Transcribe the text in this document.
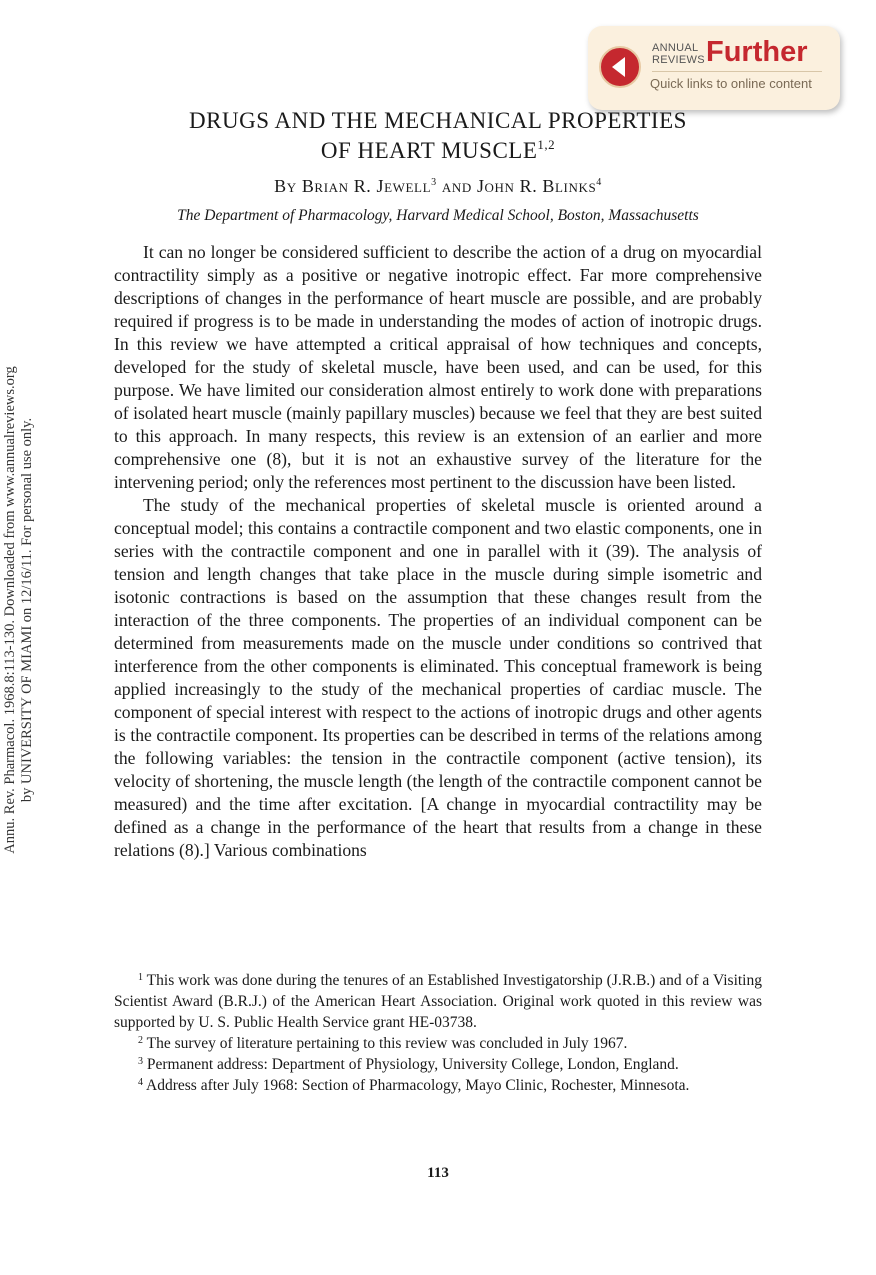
ANNUAL
REVIEWS Further
Quick links to online content
Annu. Rev. Pharmacol. 1968.8:113-130. Downloaded from www.annualreviews.org by UNIVERSITY OF MIAMI on 12/16/11. For personal use only.
DRUGS AND THE MECHANICAL PROPERTIES
OF HEART MUSCLE$^{1,2}$
By Brian R. Jewell$^3$ and John R. Blinks$^4$
The Department of Pharmacology, Harvard Medical School, Boston, Massachusetts

It can no longer be considered sufficient to describe the action of a drug on myocardial contractility simply as a positive or negative inotropic effect. Far more comprehensive descriptions of changes in the performance of heart muscle are possible, and are probably required if progress is to be made in understanding the modes of action of inotropic drugs. In this review we have attempted a critical appraisal of how techniques and concepts, developed for the study of skeletal muscle, have been used, and can be used, for this purpose. We have limited our consideration almost entirely to work done with preparations of isolated heart muscle (mainly papillary muscles) because we feel that they are best suited to this approach. In many respects, this review is an extension of an earlier and more comprehensive one (8), but it is not an exhaustive survey of the literature for the intervening period; only the references most pertinent to the discussion have been listed.

The study of the mechanical properties of skeletal muscle is oriented around a conceptual model; this contains a contractile component and two elastic components, one in series with the contractile component and one in parallel with it (39). The analysis of tension and length changes that take place in the muscle during simple isometric and isotonic contractions is based on the assumption that these changes result from the interaction of the three components. The properties of an individual component can be determined from measurements made on the muscle under conditions so contrived that interference from the other components is eliminated. This conceptual framework is being applied increasingly to the study of the mechanical properties of cardiac muscle. The component of special interest with respect to the actions of inotropic drugs and other agents is the contractile component. Its properties can be described in terms of the relations among the following variables: the tension in the contractile component (active tension), its velocity of shortening, the muscle length (the length of the contractile component cannot be measured) and the time after excitation. [A change in myocardial contractility may be defined as a change in the performance of the heart that results from a change in these relations (8).] Various combinations

$^1$ This work was done during the tenures of an Established Investigatorship (J.R.B.) and of a Visiting Scientist Award (B.R.J.) of the American Heart Association. Original work quoted in this review was supported by U. S. Public Health Service grant HE-03738.

$^2$ The survey of literature pertaining to this review was concluded in July 1967.

$^3$ Permanent address: Department of Physiology, University College, London, England.

$^4$ Address after July 1968: Section of Pharmacology, Mayo Clinic, Rochester, Minnesota.

113
